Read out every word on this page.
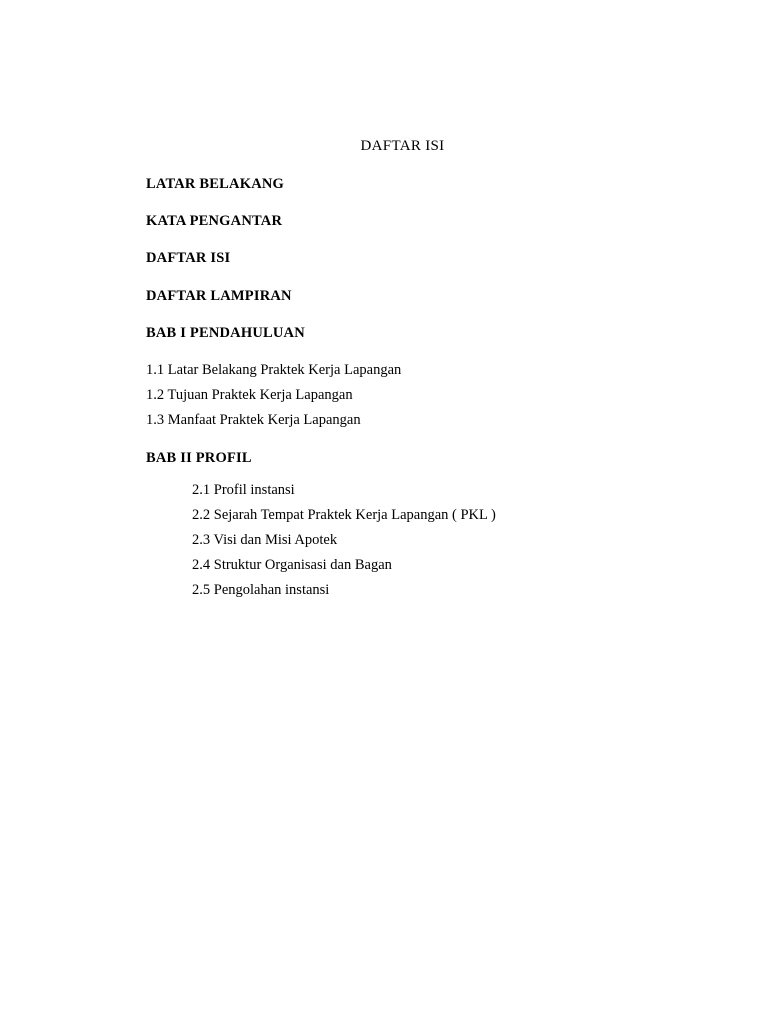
DAFTAR ISI
LATAR BELAKANG
KATA PENGANTAR
DAFTAR ISI
DAFTAR LAMPIRAN
BAB I PENDAHULUAN
1.1 Latar Belakang Praktek Kerja Lapangan
1.2 Tujuan Praktek Kerja Lapangan
1.3 Manfaat Praktek Kerja Lapangan
BAB II PROFIL
2.1 Profil instansi
2.2 Sejarah Tempat Praktek Kerja Lapangan ( PKL )
2.3 Visi dan Misi Apotek
2.4 Struktur Organisasi dan Bagan
2.5 Pengolahan instansi
